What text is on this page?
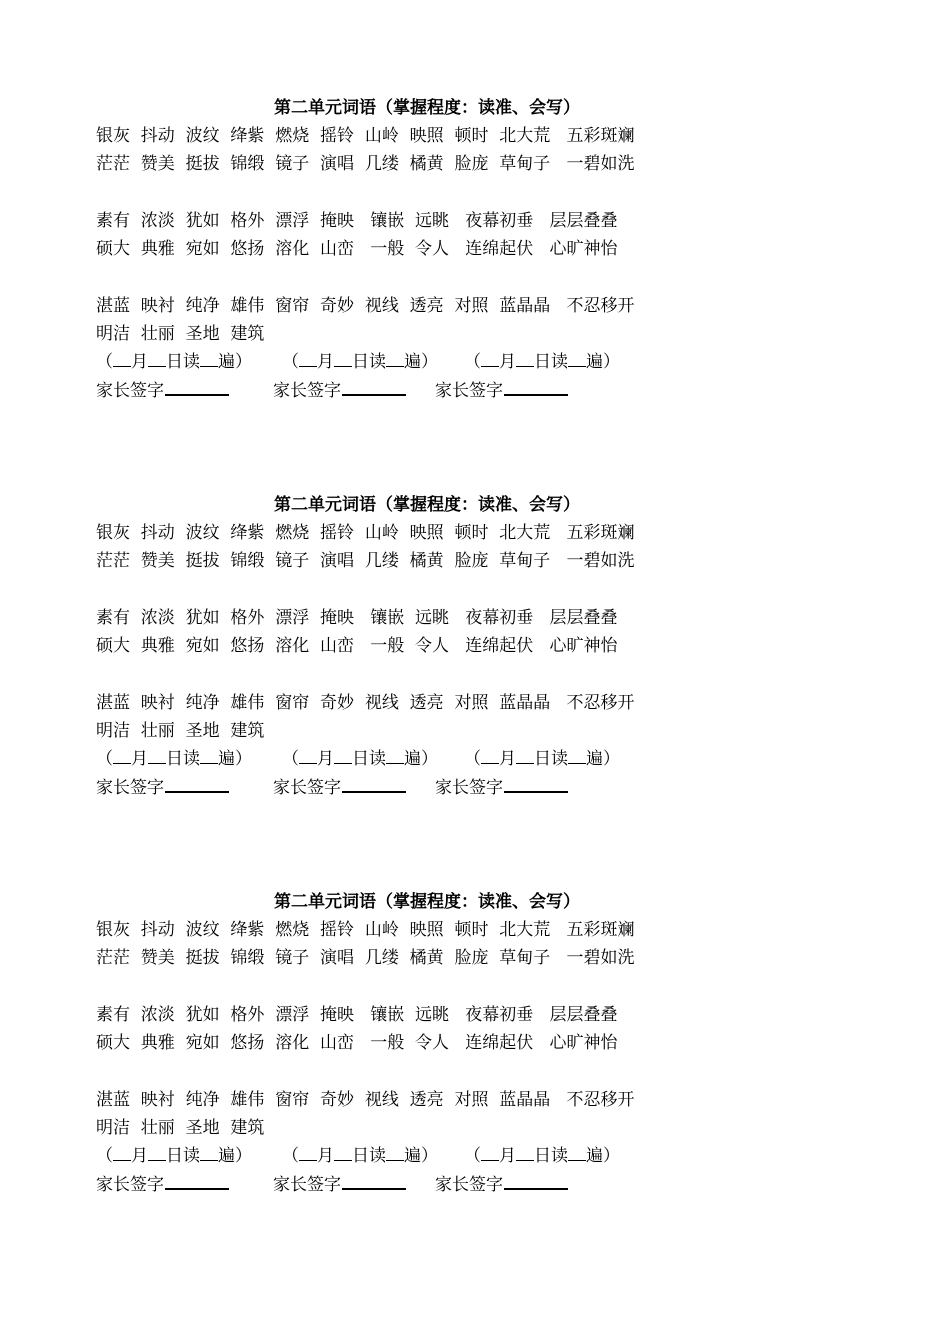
第二单元词语（掌握程度：读准、会写）
银灰  抖动  波纹  绛紫  燃烧  摇铃  山岭  映照  顿时  北大荒   五彩斑斓
茫茫  赞美  挺拔  锦缎  镜子  演唱  几缕  橘黄  脸庞  草甸子   一碧如洗
素有  浓淡  犹如  格外  漂浮  掩映   镶嵌  远眺   夜幕初垂   层层叠叠
硕大  典雅  宛如  悠扬  溶化  山峦   一般  令人   连绵起伏   心旷神怡
湛蓝  映衬  纯净  雄伟  窗帘  奇妙  视线  透亮  对照  蓝晶晶   不忍移开
明洁  壮丽  圣地  建筑
（ 月 日读 遍） （ 月 日读 遍） （ 月 日读 遍）
家长签字	家长签字	家长签字
第二单元词语（掌握程度：读准、会写）
银灰  抖动  波纹  绛紫  燃烧  摇铃  山岭  映照  顿时  北大荒   五彩斑斓
茫茫  赞美  挺拔  锦缎  镜子  演唱  几缕  橘黄  脸庞  草甸子   一碧如洗
素有  浓淡  犹如  格外  漂浮  掩映   镶嵌  远眺   夜幕初垂   层层叠叠
硕大  典雅  宛如  悠扬  溶化  山峦   一般  令人   连绵起伏   心旷神怡
湛蓝  映衬  纯净  雄伟  窗帘  奇妙  视线  透亮  对照  蓝晶晶   不忍移开
明洁  壮丽  圣地  建筑
（ 月 日读 遍） （ 月 日读 遍） （ 月 日读 遍）
家长签字	家长签字	家长签字
第二单元词语（掌握程度：读准、会写）
银灰  抖动  波纹  绛紫  燃烧  摇铃  山岭  映照  顿时  北大荒   五彩斑斓
茫茫  赞美  挺拔  锦缎  镜子  演唱  几缕  橘黄  脸庞  草甸子   一碧如洗
素有  浓淡  犹如  格外  漂浮  掩映   镶嵌  远眺   夜幕初垂   层层叠叠
硕大  典雅  宛如  悠扬  溶化  山峦   一般  令人   连绵起伏   心旷神怡
湛蓝  映衬  纯净  雄伟  窗帘  奇妙  视线  透亮  对照  蓝晶晶   不忍移开
明洁  壮丽  圣地  建筑
（ 月 日读 遍） （ 月 日读 遍） （ 月 日读 遍）
家长签字	家长签字	家长签字
